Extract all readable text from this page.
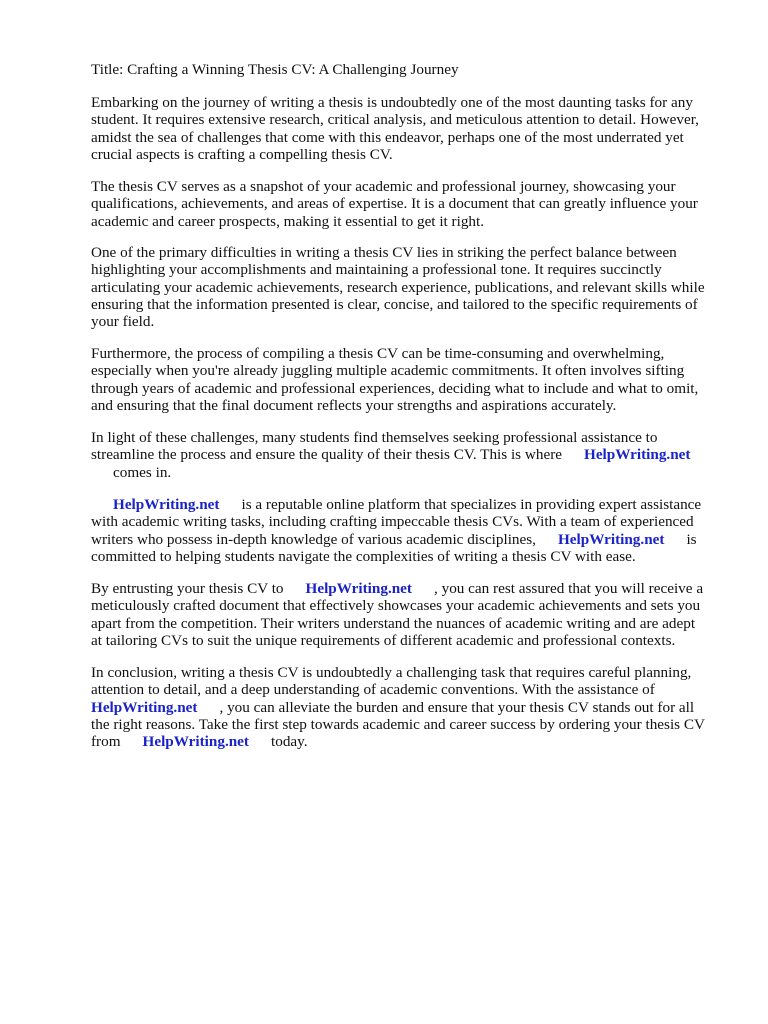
Title: Crafting a Winning Thesis CV: A Challenging Journey

Embarking on the journey of writing a thesis is undoubtedly one of the most daunting tasks for any
student. It requires extensive research, critical analysis, and meticulous attention to detail. However,
amidst the sea of challenges that come with this endeavor, perhaps one of the most underrated yet
crucial aspects is crafting a compelling thesis CV.

The thesis CV serves as a snapshot of your academic and professional journey, showcasing your
qualifications, achievements, and areas of expertise. It is a document that can greatly influence your
academic and career prospects, making it essential to get it right.

One of the primary difficulties in writing a thesis CV lies in striking the perfect balance between
highlighting your accomplishments and maintaining a professional tone. It requires succinctly
articulating your academic achievements, research experience, publications, and relevant skills while
ensuring that the information presented is clear, concise, and tailored to the specific requirements of
your field.

Furthermore, the process of compiling a thesis CV can be time-consuming and overwhelming,
especially when you're already juggling multiple academic commitments. It often involves sifting
through years of academic and professional experiences, deciding what to include and what to omit,
and ensuring that the final document reflects your strengths and aspirations accurately.

In light of these challenges, many students find themselves seeking professional assistance to
streamline the process and ensure the quality of their thesis CV. This is where HelpWriting.net
comes in.

HelpWriting.net is a reputable online platform that specializes in providing expert assistance
with academic writing tasks, including crafting impeccable thesis CVs. With a team of experienced
writers who possess in-depth knowledge of various academic disciplines, HelpWriting.net is
committed to helping students navigate the complexities of writing a thesis CV with ease.

By entrusting your thesis CV to HelpWriting.net , you can rest assured that you will receive a
meticulously crafted document that effectively showcases your academic achievements and sets you
apart from the competition. Their writers understand the nuances of academic writing and are adept
at tailoring CVs to suit the unique requirements of different academic and professional contexts.

In conclusion, writing a thesis CV is undoubtedly a challenging task that requires careful planning,
attention to detail, and a deep understanding of academic conventions. With the assistance of
HelpWriting.net , you can alleviate the burden and ensure that your thesis CV stands out for all
the right reasons. Take the first step towards academic and career success by ordering your thesis CV
from HelpWriting.net today.
